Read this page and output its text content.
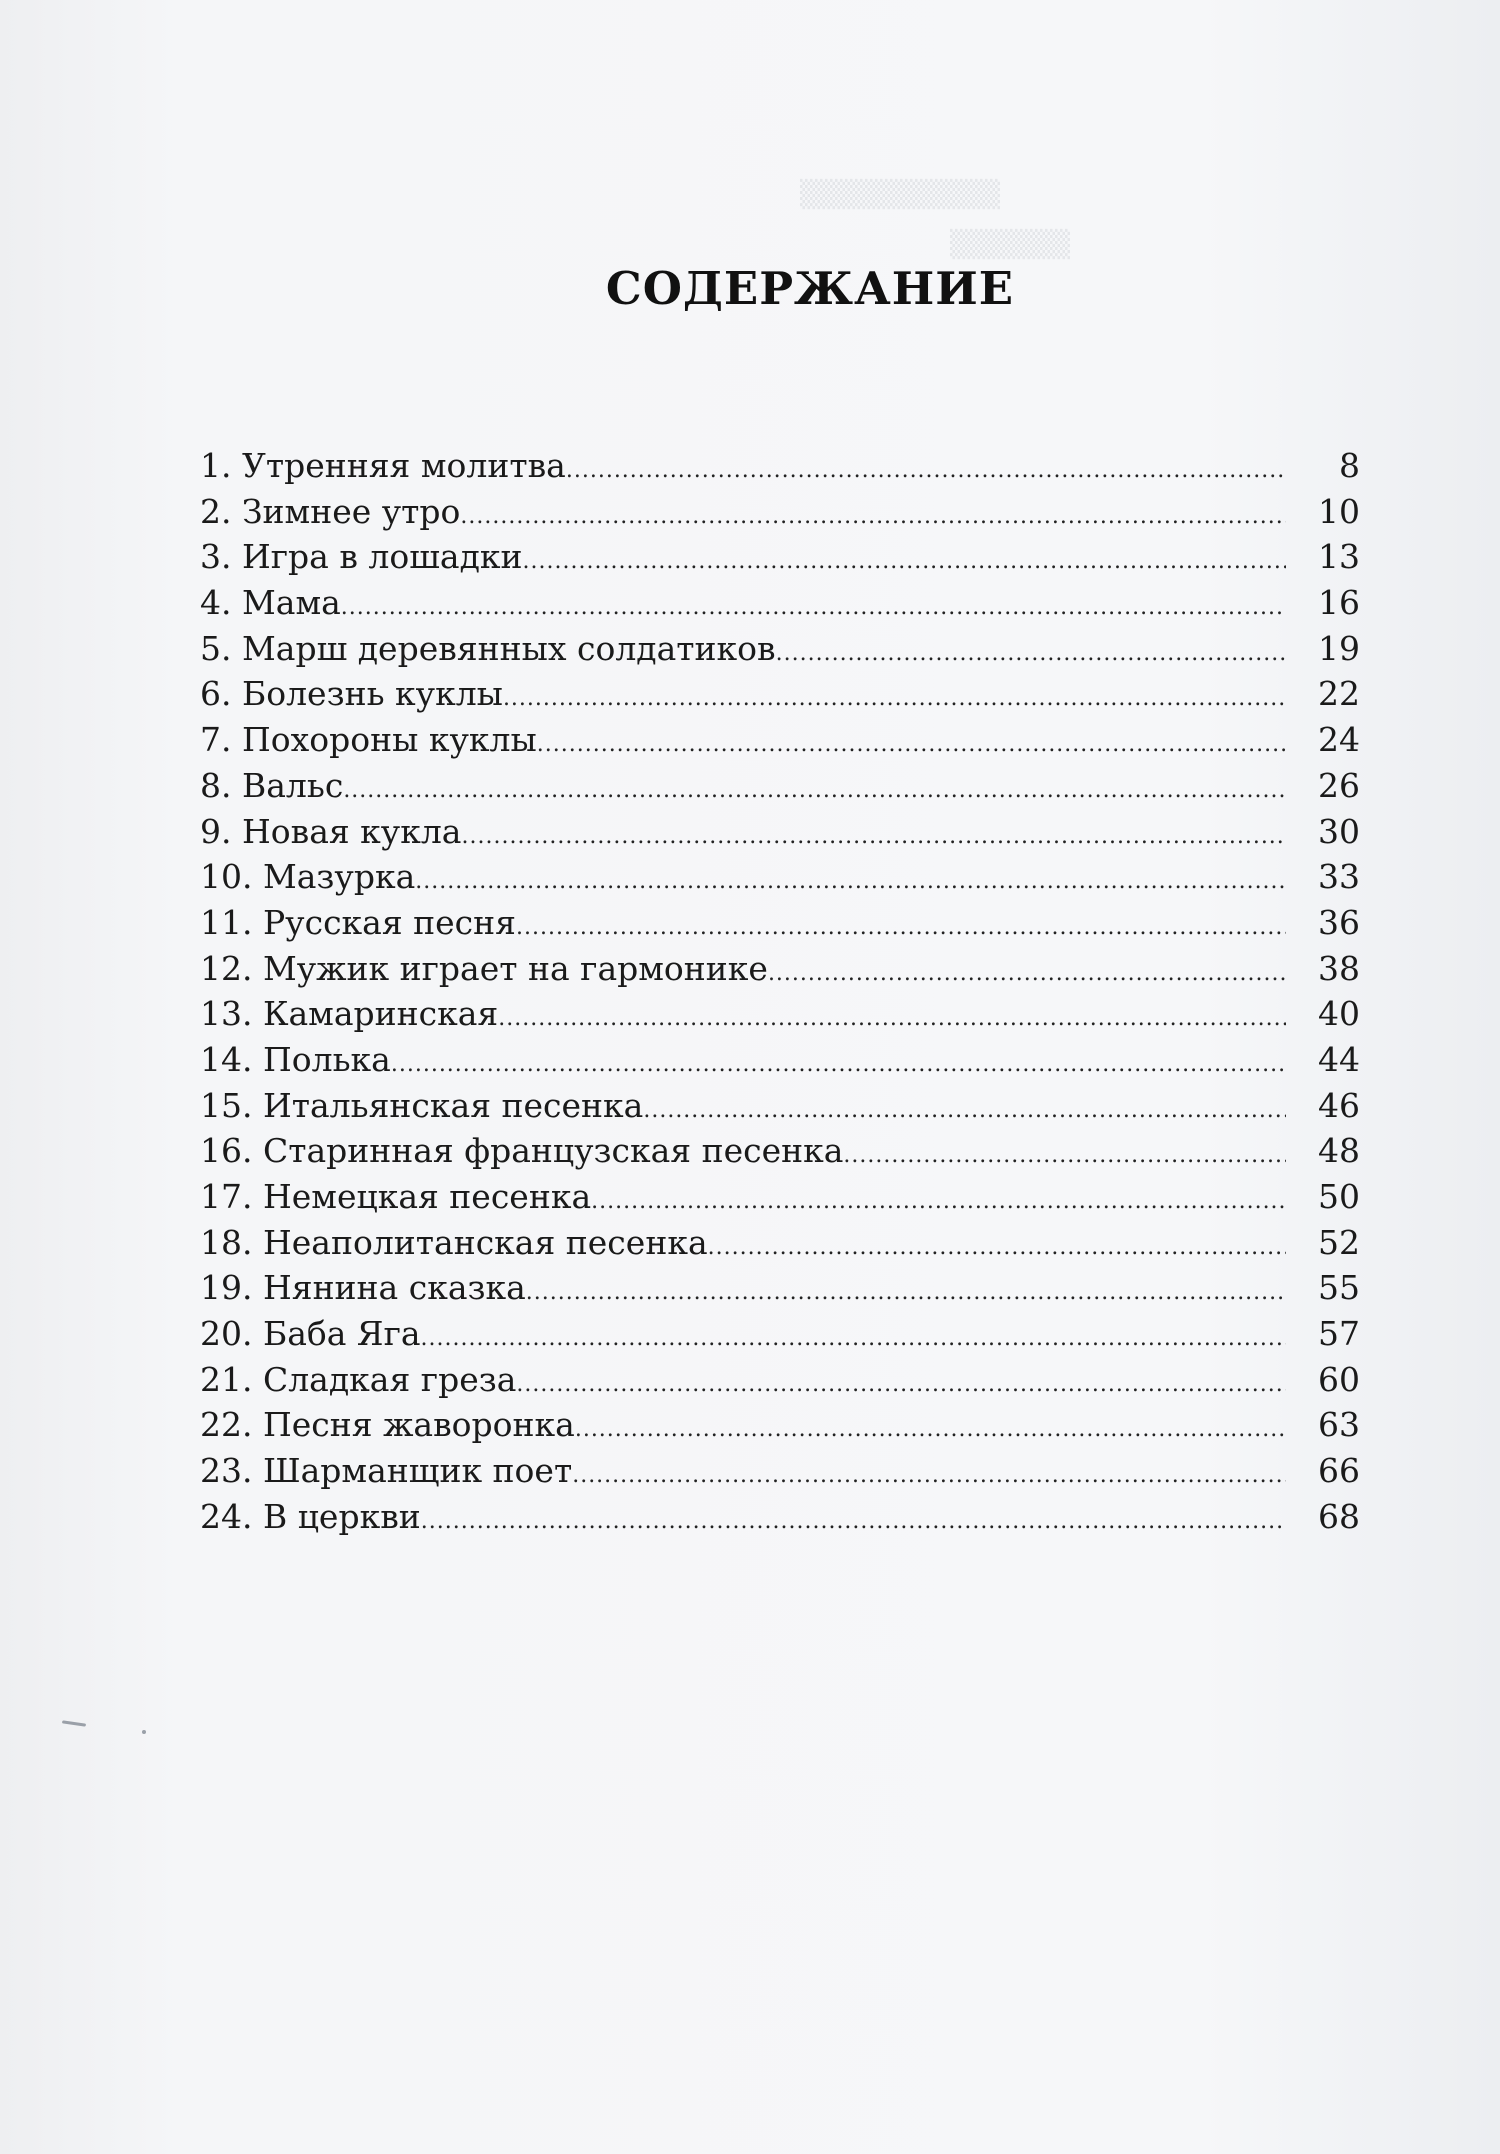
▒▒▒▒▒▒▒▒▒▒
▒▒▒▒▒▒
СОДЕРЖАНИЕ
1. Утренняя молитва .....	8
2. Зимнее утро .....	10
3. Игра в лошадки .....	13
4. Мама .....	16
5. Марш деревянных солдатиков .....	19
6. Болезнь куклы .....	22
7. Похороны куклы .....	24
8. Вальс .....	26
9. Новая кукла .....	30
10. Мазурка .....	33
11. Русская песня .....	36
12. Мужик играет на гармонике .....	38
13. Камаринская .....	40
14. Полька .....	44
15. Итальянская песенка .....	46
16. Старинная французская песенка .....	48
17. Немецкая песенка .....	50
18. Неаполитанская песенка .....	52
19. Нянина сказка .....	55
20. Баба Яга .....	57
21. Сладкая греза .....	60
22. Песня жаворонка .....	63
23. Шарманщик поет .....	66
24. В церкви .....	68
